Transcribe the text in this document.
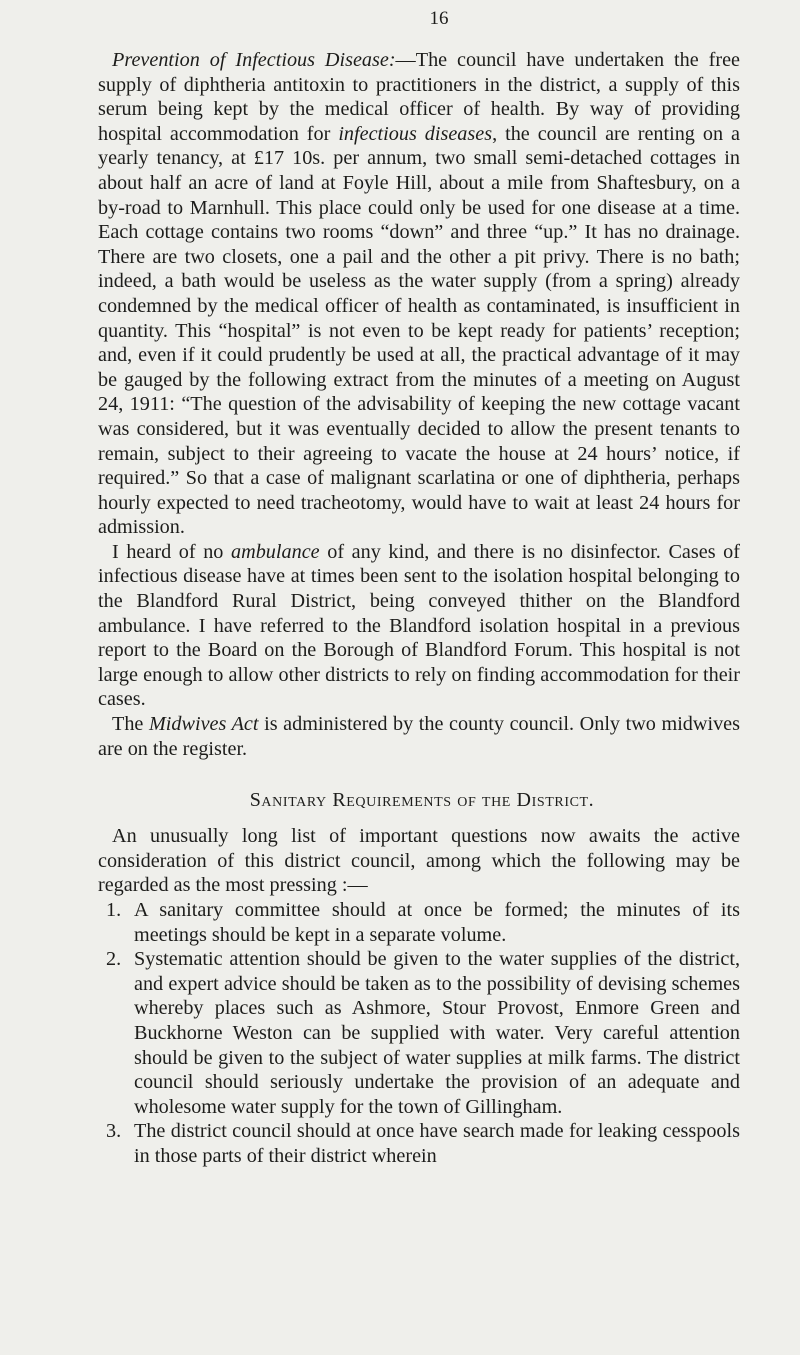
16

Prevention of Infectious Disease:—The council have undertaken the free supply of diphtheria antitoxin to practitioners in the district, a supply of this serum being kept by the medical officer of health. By way of providing hospital accommodation for infectious diseases, the council are renting on a yearly tenancy, at £17 10s. per annum, two small semi-detached cottages in about half an acre of land at Foyle Hill, about a mile from Shaftesbury, on a by-road to Marnhull. This place could only be used for one disease at a time. Each cottage contains two rooms “down” and three “up.” It has no drainage. There are two closets, one a pail and the other a pit privy. There is no bath; indeed, a bath would be useless as the water supply (from a spring) already condemned by the medical officer of health as contaminated, is insufficient in quantity. This “hospital” is not even to be kept ready for patients’ reception; and, even if it could prudently be used at all, the practical advantage of it may be gauged by the following extract from the minutes of a meeting on August 24, 1911: “The question of the advisability of keeping the new cottage vacant was considered, but it was eventually decided to allow the present tenants to remain, subject to their agreeing to vacate the house at 24 hours’ notice, if required.” So that a case of malignant scarlatina or one of diphtheria, perhaps hourly expected to need tracheotomy, would have to wait at least 24 hours for admission.

I heard of no ambulance of any kind, and there is no disinfector. Cases of infectious disease have at times been sent to the isolation hospital belonging to the Blandford Rural District, being conveyed thither on the Blandford ambulance. I have referred to the Blandford isolation hospital in a previous report to the Board on the Borough of Blandford Forum. This hospital is not large enough to allow other districts to rely on finding accommodation for their cases.

The Midwives Act is administered by the county council. Only two midwives are on the register.

Sanitary Requirements of the District.

An unusually long list of important questions now awaits the active consideration of this district council, among which the following may be regarded as the most pressing :—

1. A sanitary committee should at once be formed; the minutes of its meetings should be kept in a separate volume.
2. Systematic attention should be given to the water supplies of the district, and expert advice should be taken as to the possibility of devising schemes whereby places such as Ashmore, Stour Provost, Enmore Green and Buckhorne Weston can be supplied with water. Very careful attention should be given to the subject of water supplies at milk farms. The district council should seriously undertake the provision of an adequate and wholesome water supply for the town of Gillingham.
3. The district council should at once have search made for leaking cesspools in those parts of their district wherein
